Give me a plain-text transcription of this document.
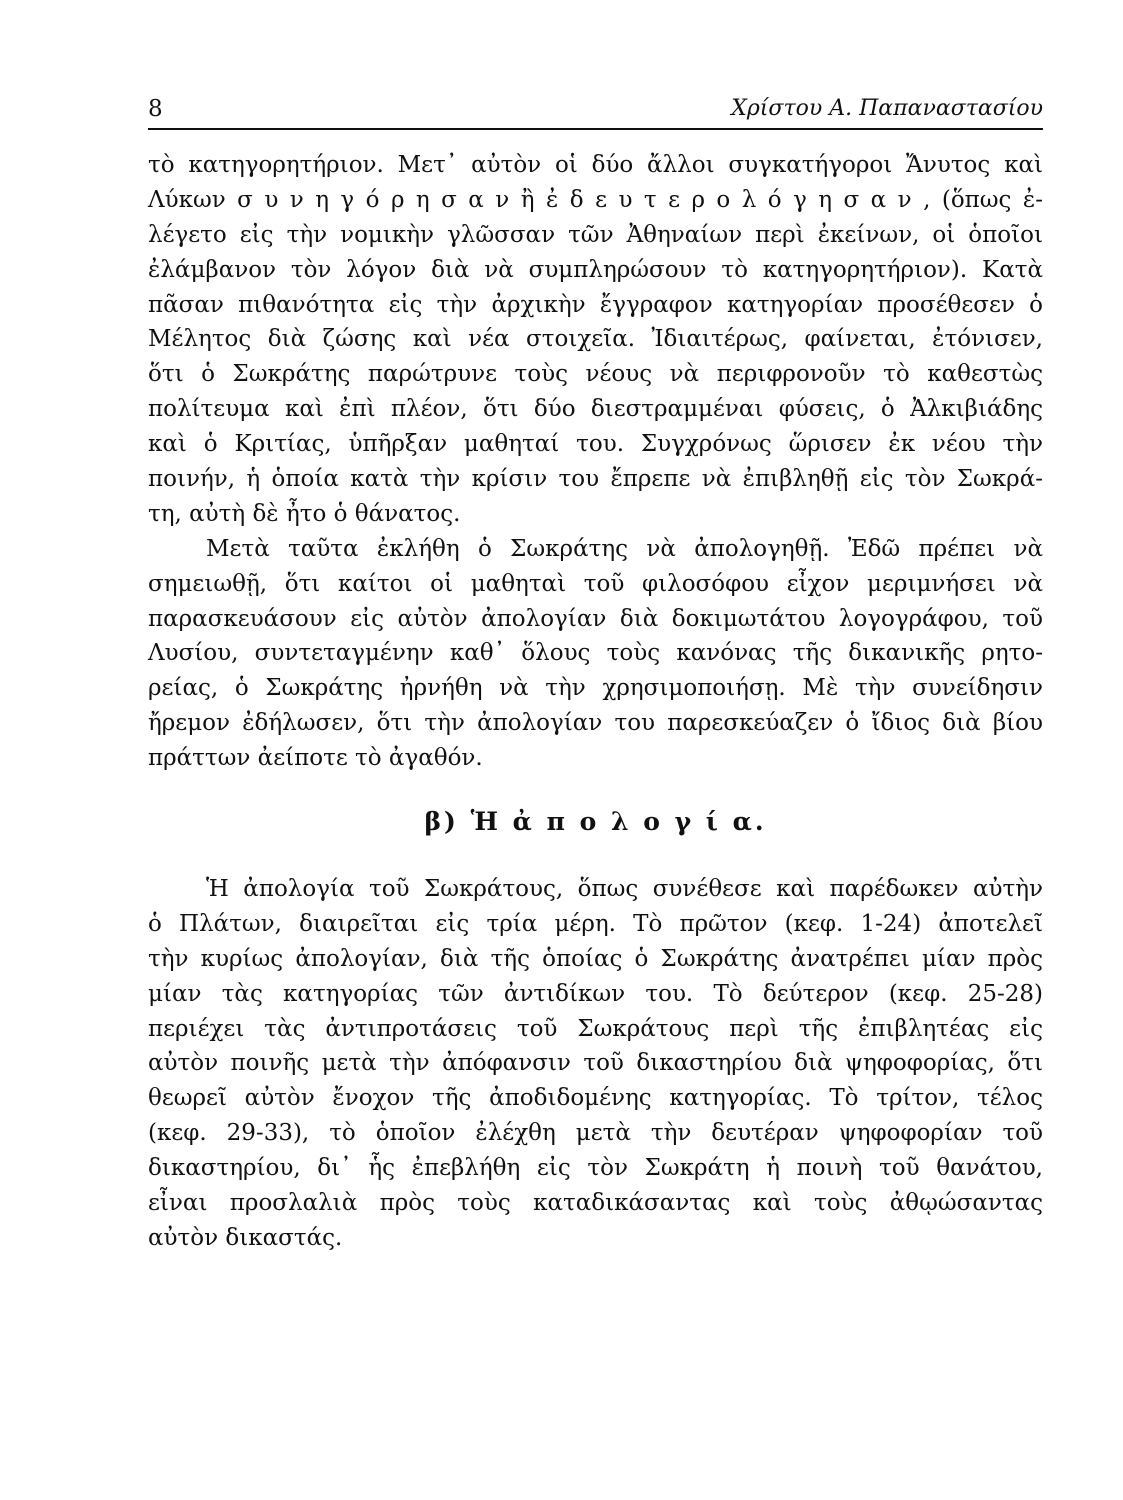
8	Χρίστου Α. Παπαναστασίου
τὸ κατηγορητήριον. Μετ᾽ αὐτὸν οἱ δύο ἄλλοι συγκατήγοροι Ἄνυτος καὶ
Λύκων σ υ ν η γ ό ρ η σ α ν ἢ ἐ δ ε υ τ ε ρ ο λ ό γ η σ α ν , (ὅπως ἐ-
λέγετο εἰς τὴν νομικὴν γλῶσσαν τῶν Ἀθηναίων περὶ ἐκείνων, οἱ ὁποῖοι
ἐλάμβανον τὸν λόγον διὰ νὰ συμπληρώσουν τὸ κατηγορητήριον). Κατὰ
πᾶσαν πιθανότητα εἰς τὴν ἀρχικὴν ἔγγραφον κατηγορίαν προσέθεσεν ὁ
Μέλητος διὰ ζώσης καὶ νέα στοιχεῖα. Ἰδιαιτέρως, φαίνεται, ἐτόνισεν,
ὅτι ὁ Σωκράτης παρώτρυνε τοὺς νέους νὰ περιφρονοῦν τὸ καθεστὼς
πολίτευμα καὶ ἐπὶ πλέον, ὅτι δύο διεστραμμέναι φύσεις, ὁ Ἀλκιβιάδης
καὶ ὁ Κριτίας, ὑπῆρξαν μαθηταί του. Συγχρόνως ὥρισεν ἐκ νέου τὴν
ποινήν, ἡ ὁποία κατὰ τὴν κρίσιν του ἔπρεπε νὰ ἐπιβληθῇ εἰς τὸν Σωκρά-
τη, αὐτὴ δὲ ἦτο ὁ θάνατος.
Μετὰ ταῦτα ἐκλήθη ὁ Σωκράτης νὰ ἀπολογηθῇ. Ἐδῶ πρέπει νὰ
σημειωθῇ, ὅτι καίτοι οἱ μαθηταὶ τοῦ φιλοσόφου εἶχον μεριμνήσει νὰ
παρασκευάσουν εἰς αὐτὸν ἀπολογίαν διὰ δοκιμωτάτου λογογράφου, τοῦ
Λυσίου, συντεταγμένην καθ᾽ ὅλους τοὺς κανόνας τῆς δικανικῆς ρητο-
ρείας, ὁ Σωκράτης ἠρνήθη νὰ τὴν χρησιμοποιήσῃ. Μὲ τὴν συνείδησιν
ἤρεμον ἐδήλωσεν, ὅτι τὴν ἀπολογίαν του παρεσκεύαζεν ὁ ἴδιος διὰ βίου
πράττων ἀείποτε τὸ ἀγαθόν.
β) Ἡ ἀ π ο λ ο γ ί α.
Ἡ ἀπολογία τοῦ Σωκράτους, ὅπως συνέθεσε καὶ παρέδωκεν αὐτὴν
ὁ Πλάτων, διαιρεῖται εἰς τρία μέρη. Τὸ πρῶτον (κεφ. 1-24) ἀποτελεῖ
τὴν κυρίως ἀπολογίαν, διὰ τῆς ὁποίας ὁ Σωκράτης ἀνατρέπει μίαν πρὸς
μίαν τὰς κατηγορίας τῶν ἀντιδίκων του. Τὸ δεύτερον (κεφ. 25-28)
περιέχει τὰς ἀντιπροτάσεις τοῦ Σωκράτους περὶ τῆς ἐπιβλητέας εἰς
αὐτὸν ποινῆς μετὰ τὴν ἀπόφανσιν τοῦ δικαστηρίου διὰ ψηφοφορίας, ὅτι
θεωρεῖ αὐτὸν ἔνοχον τῆς ἀποδιδομένης κατηγορίας. Τὸ τρίτον, τέλος
(κεφ. 29-33), τὸ ὁποῖον ἐλέχθη μετὰ τὴν δευτέραν ψηφοφορίαν τοῦ
δικαστηρίου, δι᾽ ἧς ἐπεβλήθη εἰς τὸν Σωκράτη ἡ ποινὴ τοῦ θανάτου,
εἶναι προσλαλιὰ πρὸς τοὺς καταδικάσαντας καὶ τοὺς ἀθῳώσαντας
αὐτὸν δικαστάς.
